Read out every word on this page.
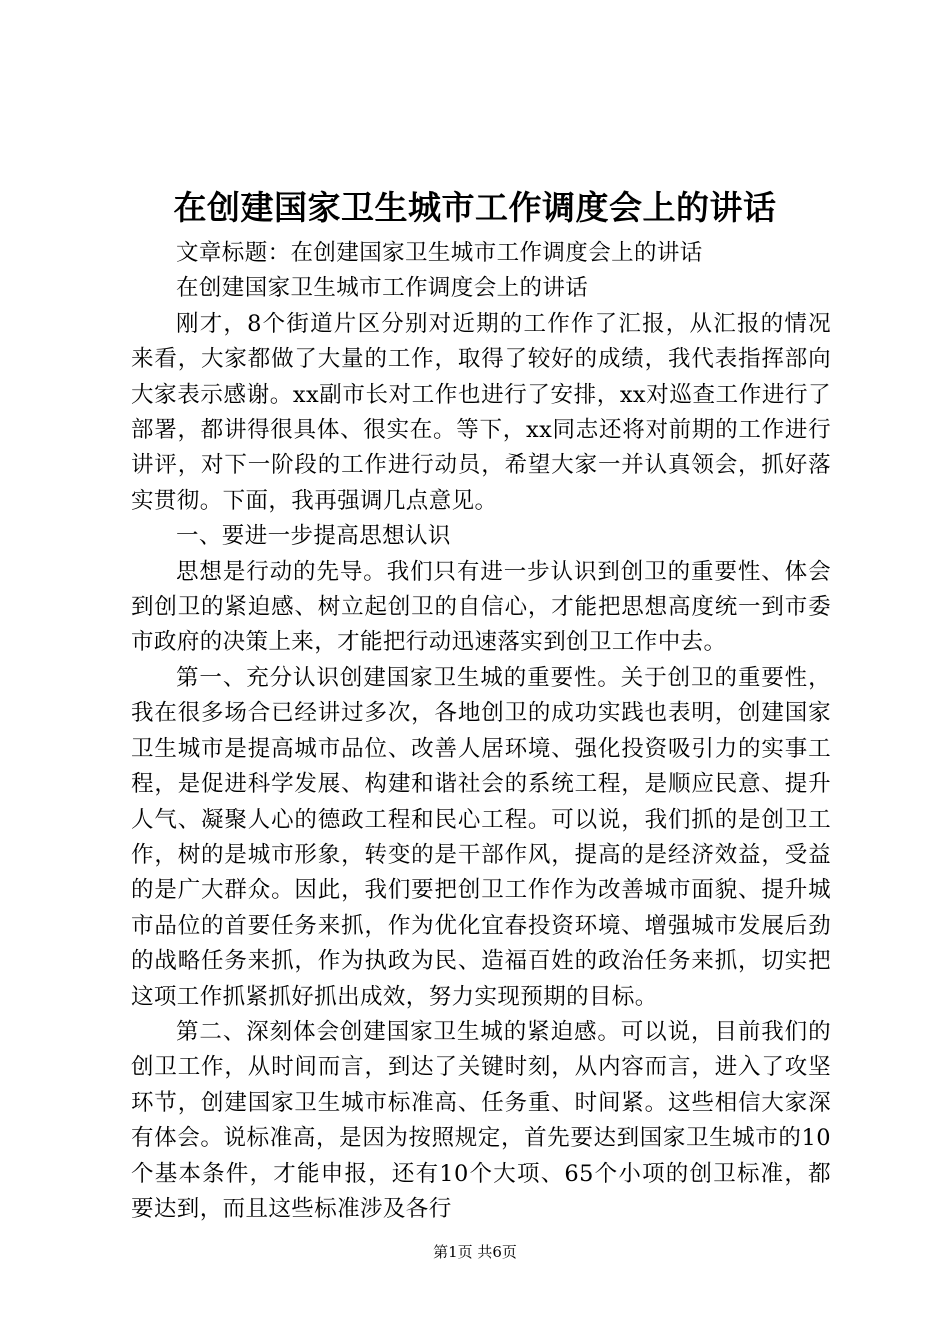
在创建国家卫生城市工作调度会上的讲话

文章标题：在创建国家卫生城市工作调度会上的讲话

在创建国家卫生城市工作调度会上的讲话

刚才，8个街道片区分别对近期的工作作了汇报，从汇报的情况来看，大家都做了大量的工作，取得了较好的成绩，我代表指挥部向大家表示感谢。xx副市长对工作也进行了安排，xx对巡查工作进行了部署，都讲得很具体、很实在。等下，xx同志还将对前期的工作进行讲评，对下一阶段的工作进行动员，希望大家一并认真领会，抓好落实贯彻。下面，我再强调几点意见。

一、要进一步提高思想认识

思想是行动的先导。我们只有进一步认识到创卫的重要性、体会到创卫的紧迫感、树立起创卫的自信心，才能把思想高度统一到市委市政府的决策上来，才能把行动迅速落实到创卫工作中去。

第一、充分认识创建国家卫生城的重要性。关于创卫的重要性，我在很多场合已经讲过多次，各地创卫的成功实践也表明，创建国家卫生城市是提高城市品位、改善人居环境、强化投资吸引力的实事工程，是促进科学发展、构建和谐社会的系统工程，是顺应民意、提升人气、凝聚人心的德政工程和民心工程。可以说，我们抓的是创卫工作，树的是城市形象，转变的是干部作风，提高的是经济效益，受益的是广大群众。因此，我们要把创卫工作作为改善城市面貌、提升城市品位的首要任务来抓，作为优化宜春投资环境、增强城市发展后劲的战略任务来抓，作为执政为民、造福百姓的政治任务来抓，切实把这项工作抓紧抓好抓出成效，努力实现预期的目标。

第二、深刻体会创建国家卫生城的紧迫感。可以说，目前我们的创卫工作，从时间而言，到达了关键时刻，从内容而言，进入了攻坚环节，创建国家卫生城市标准高、任务重、时间紧。这些相信大家深有体会。说标准高，是因为按照规定，首先要达到国家卫生城市的10个基本条件，才能申报，还有10个大项、65个小项的创卫标准，都要达到，而且这些标准涉及各行

第1页 共6页
